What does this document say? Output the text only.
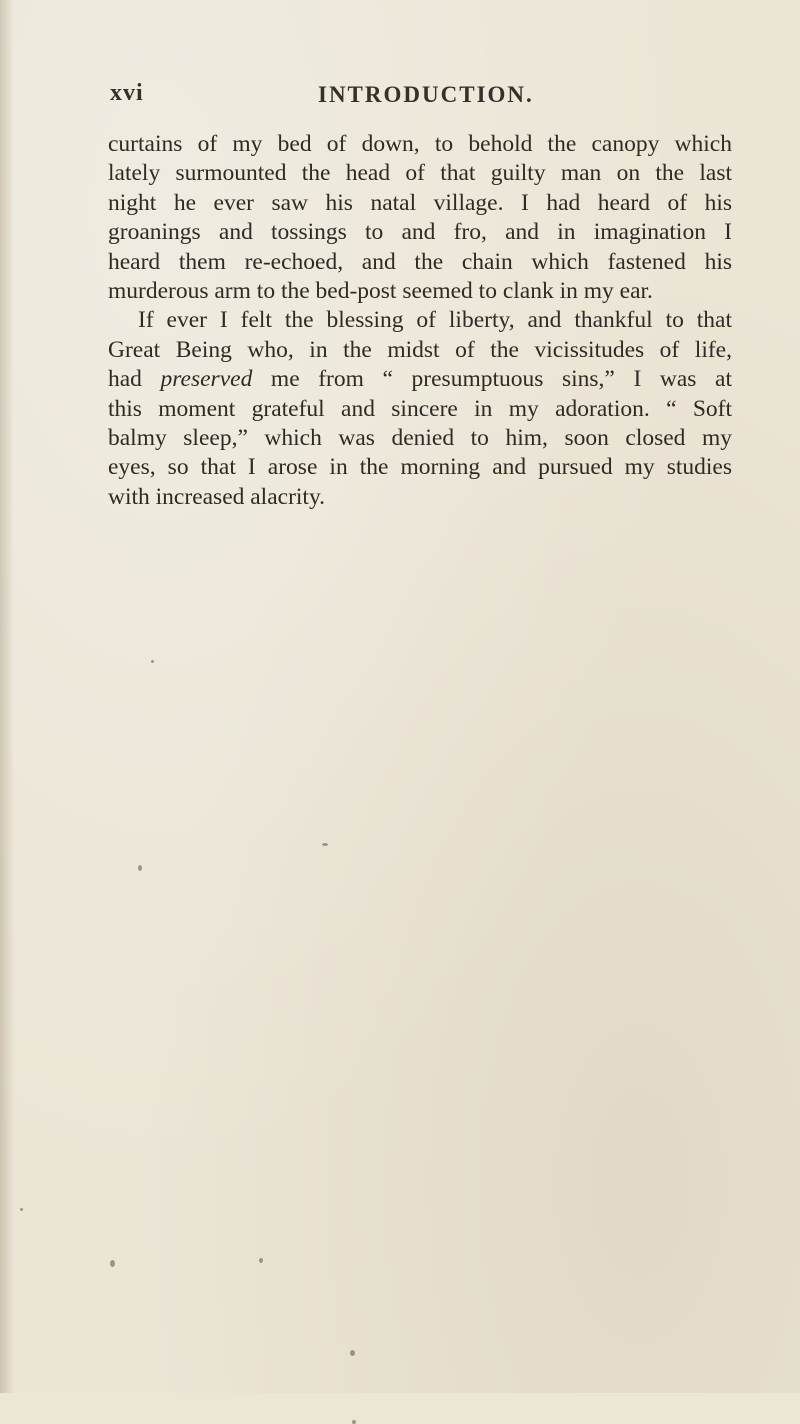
xvi	INTRODUCTION.
curtains of my bed of down, to behold the canopy which
lately surmounted the head of that guilty man on the last
night he ever saw his natal village. I had heard of his
groanings and tossings to and fro, and in imagination I
heard them re-echoed, and the chain which fastened his
murderous arm to the bed-post seemed to clank in my ear.
If ever I felt the blessing of liberty, and thankful to that
Great Being who, in the midst of the vicissitudes of life,
had preserved me from “ presumptuous sins,” I was at
this moment grateful and sincere in my adoration. “ Soft
balmy sleep,” which was denied to him, soon closed my
eyes, so that I arose in the morning and pursued my studies
with increased alacrity.
